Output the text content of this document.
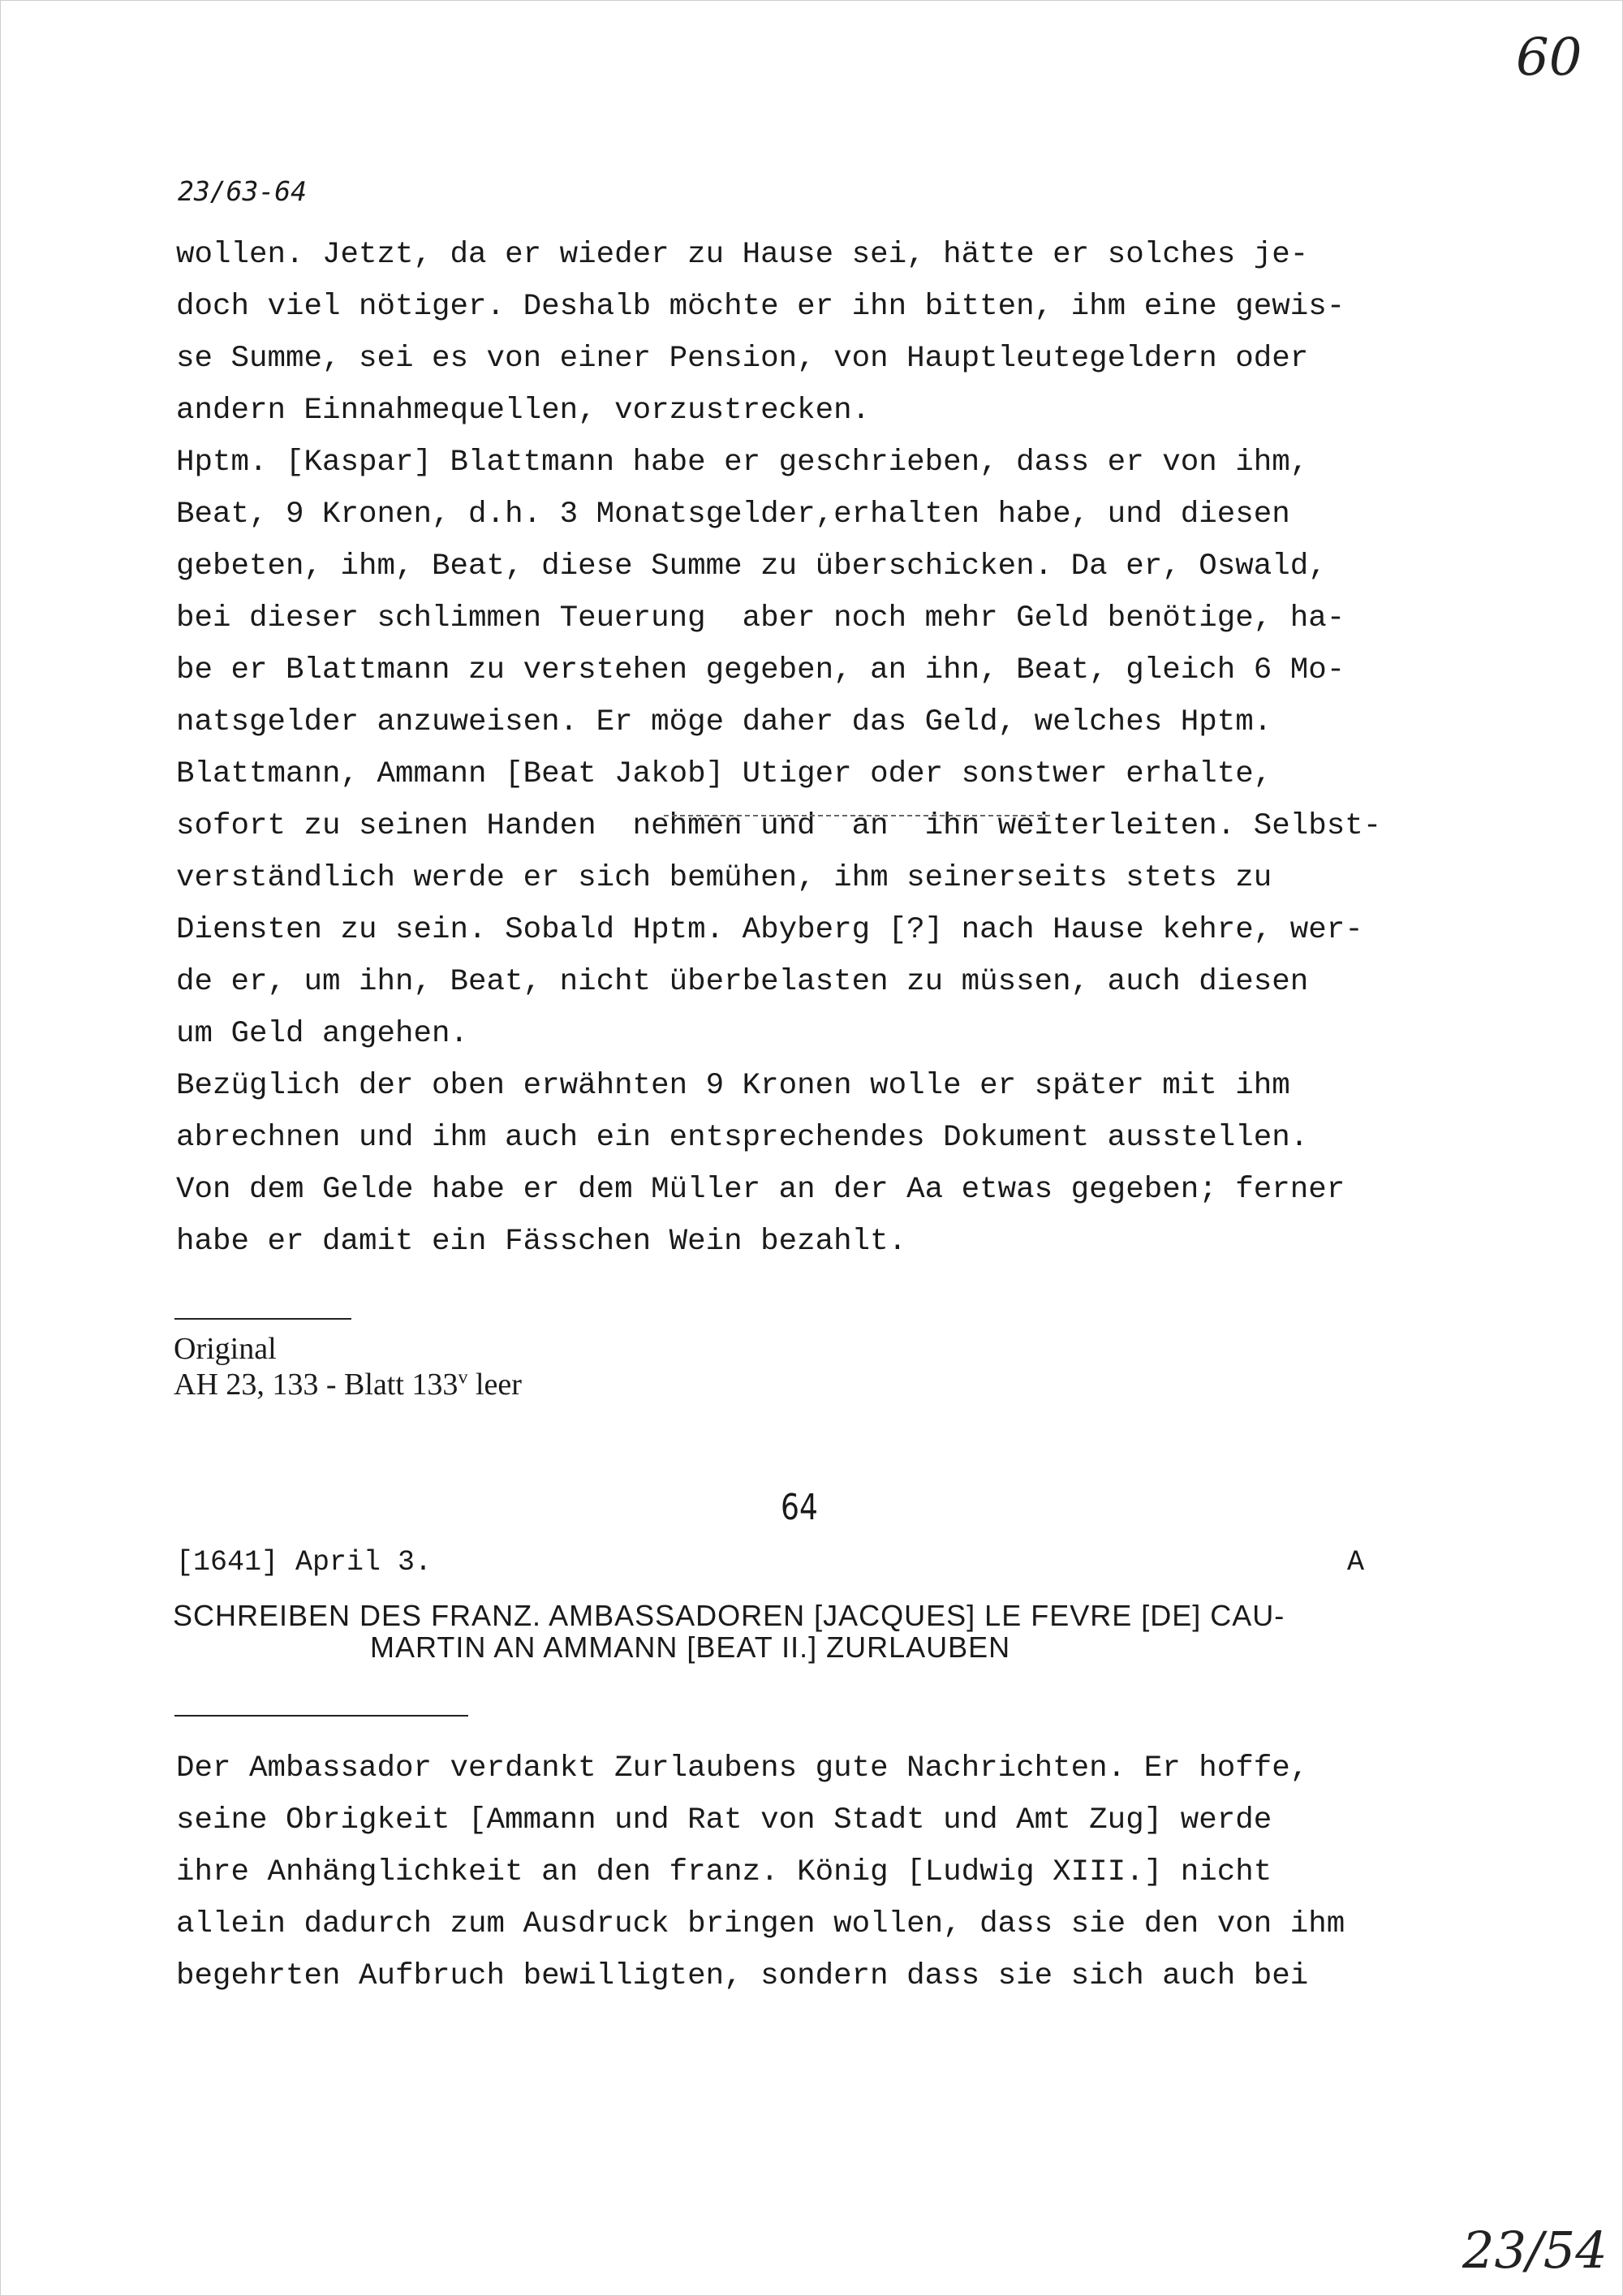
60
23/63-64
wollen. Jetzt, da er wieder zu Hause sei, hätte er solches je-
doch viel nötiger. Deshalb möchte er ihn bitten, ihm eine gewis-
se Summe, sei es von einer Pension, von Hauptleutegeldern oder
andern Einnahmequellen, vorzustrecken.
Hptm. [Kaspar] Blattmann habe er geschrieben, dass er von ihm,
Beat, 9 Kronen, d.h. 3 Monatsgelder,erhalten habe, und diesen
gebeten, ihm, Beat, diese Summe zu überschicken. Da er, Oswald,
bei dieser schlimmen Teuerung  aber noch mehr Geld benötige, ha-
be er Blattmann zu verstehen gegeben, an ihn, Beat, gleich 6 Mo-
natsgelder anzuweisen. Er möge daher das Geld, welches Hptm.
Blattmann, Ammann [Beat Jakob] Utiger oder sonstwer erhalte,
sofort zu seinen Handen  nehmen und  an  ihn weiterleiten. Selbst-
verständlich werde er sich bemühen, ihm seinerseits stets zu
Diensten zu sein. Sobald Hptm. Abyberg [?] nach Hause kehre, wer-
de er, um ihn, Beat, nicht überbelasten zu müssen, auch diesen
um Geld angehen.
Bezüglich der oben erwähnten 9 Kronen wolle er später mit ihm
abrechnen und ihm auch ein entsprechendes Dokument ausstellen.
Von dem Gelde habe er dem Müller an der Aa etwas gegeben; ferner
habe er damit ein Fässchen Wein bezahlt.
Original
AH 23, 133 - Blatt 133$^v$ leer
64
[1641] April 3.	A
SCHREIBEN DES FRANZ. AMBASSADOREN [JACQUES] LE FEVRE [DE] CAU-
MARTIN AN AMMANN [BEAT II.] ZURLAUBEN
Der Ambassador verdankt Zurlaubens gute Nachrichten. Er hoffe,
seine Obrigkeit [Ammann und Rat von Stadt und Amt Zug] werde
ihre Anhänglichkeit an den franz. König [Ludwig XIII.] nicht
allein dadurch zum Ausdruck bringen wollen, dass sie den von ihm
begehrten Aufbruch bewilligten, sondern dass sie sich auch bei
23/54
